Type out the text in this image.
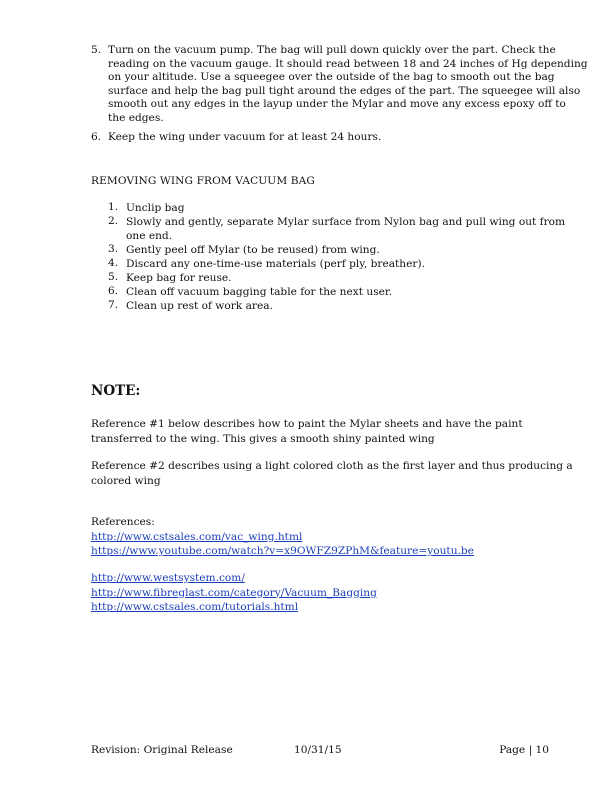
5. Turn on the vacuum pump. The bag will pull down quickly over the part. Check the
reading on the vacuum gauge. It should read between 18 and 24 inches of Hg depending
on your altitude. Use a squeegee over the outside of the bag to smooth out the bag
surface and help the bag pull tight around the edges of the part. The squeegee will also
smooth out any edges in the layup under the Mylar and move any excess epoxy off to
the edges.
6. Keep the wing under vacuum for at least 24 hours.
REMOVING WING FROM VACUUM BAG
1. Unclip bag
2. Slowly and gently, separate Mylar surface from Nylon bag and pull wing out from
one end.
3. Gently peel off Mylar (to be reused) from wing.
4. Discard any one-time-use materials (perf ply, breather).
5. Keep bag for reuse.
6. Clean off vacuum bagging table for the next user.
7. Clean up rest of work area.
NOTE:
Reference #1 below describes how to paint the Mylar sheets and have the paint
transferred to the wing. This gives a smooth shiny painted wing
Reference #2 describes using a light colored cloth as the first layer and thus producing a
colored wing
References:
http://www.cstsales.com/vac_wing.html
https://www.youtube.com/watch?v=x9OWFZ9ZPhM&feature=youtu.be
http://www.westsystem.com/
http://www.fibreglast.com/category/Vacuum_Bagging
http://www.cstsales.com/tutorials.html
Revision: Original Release	10/31/15	Page | 10
